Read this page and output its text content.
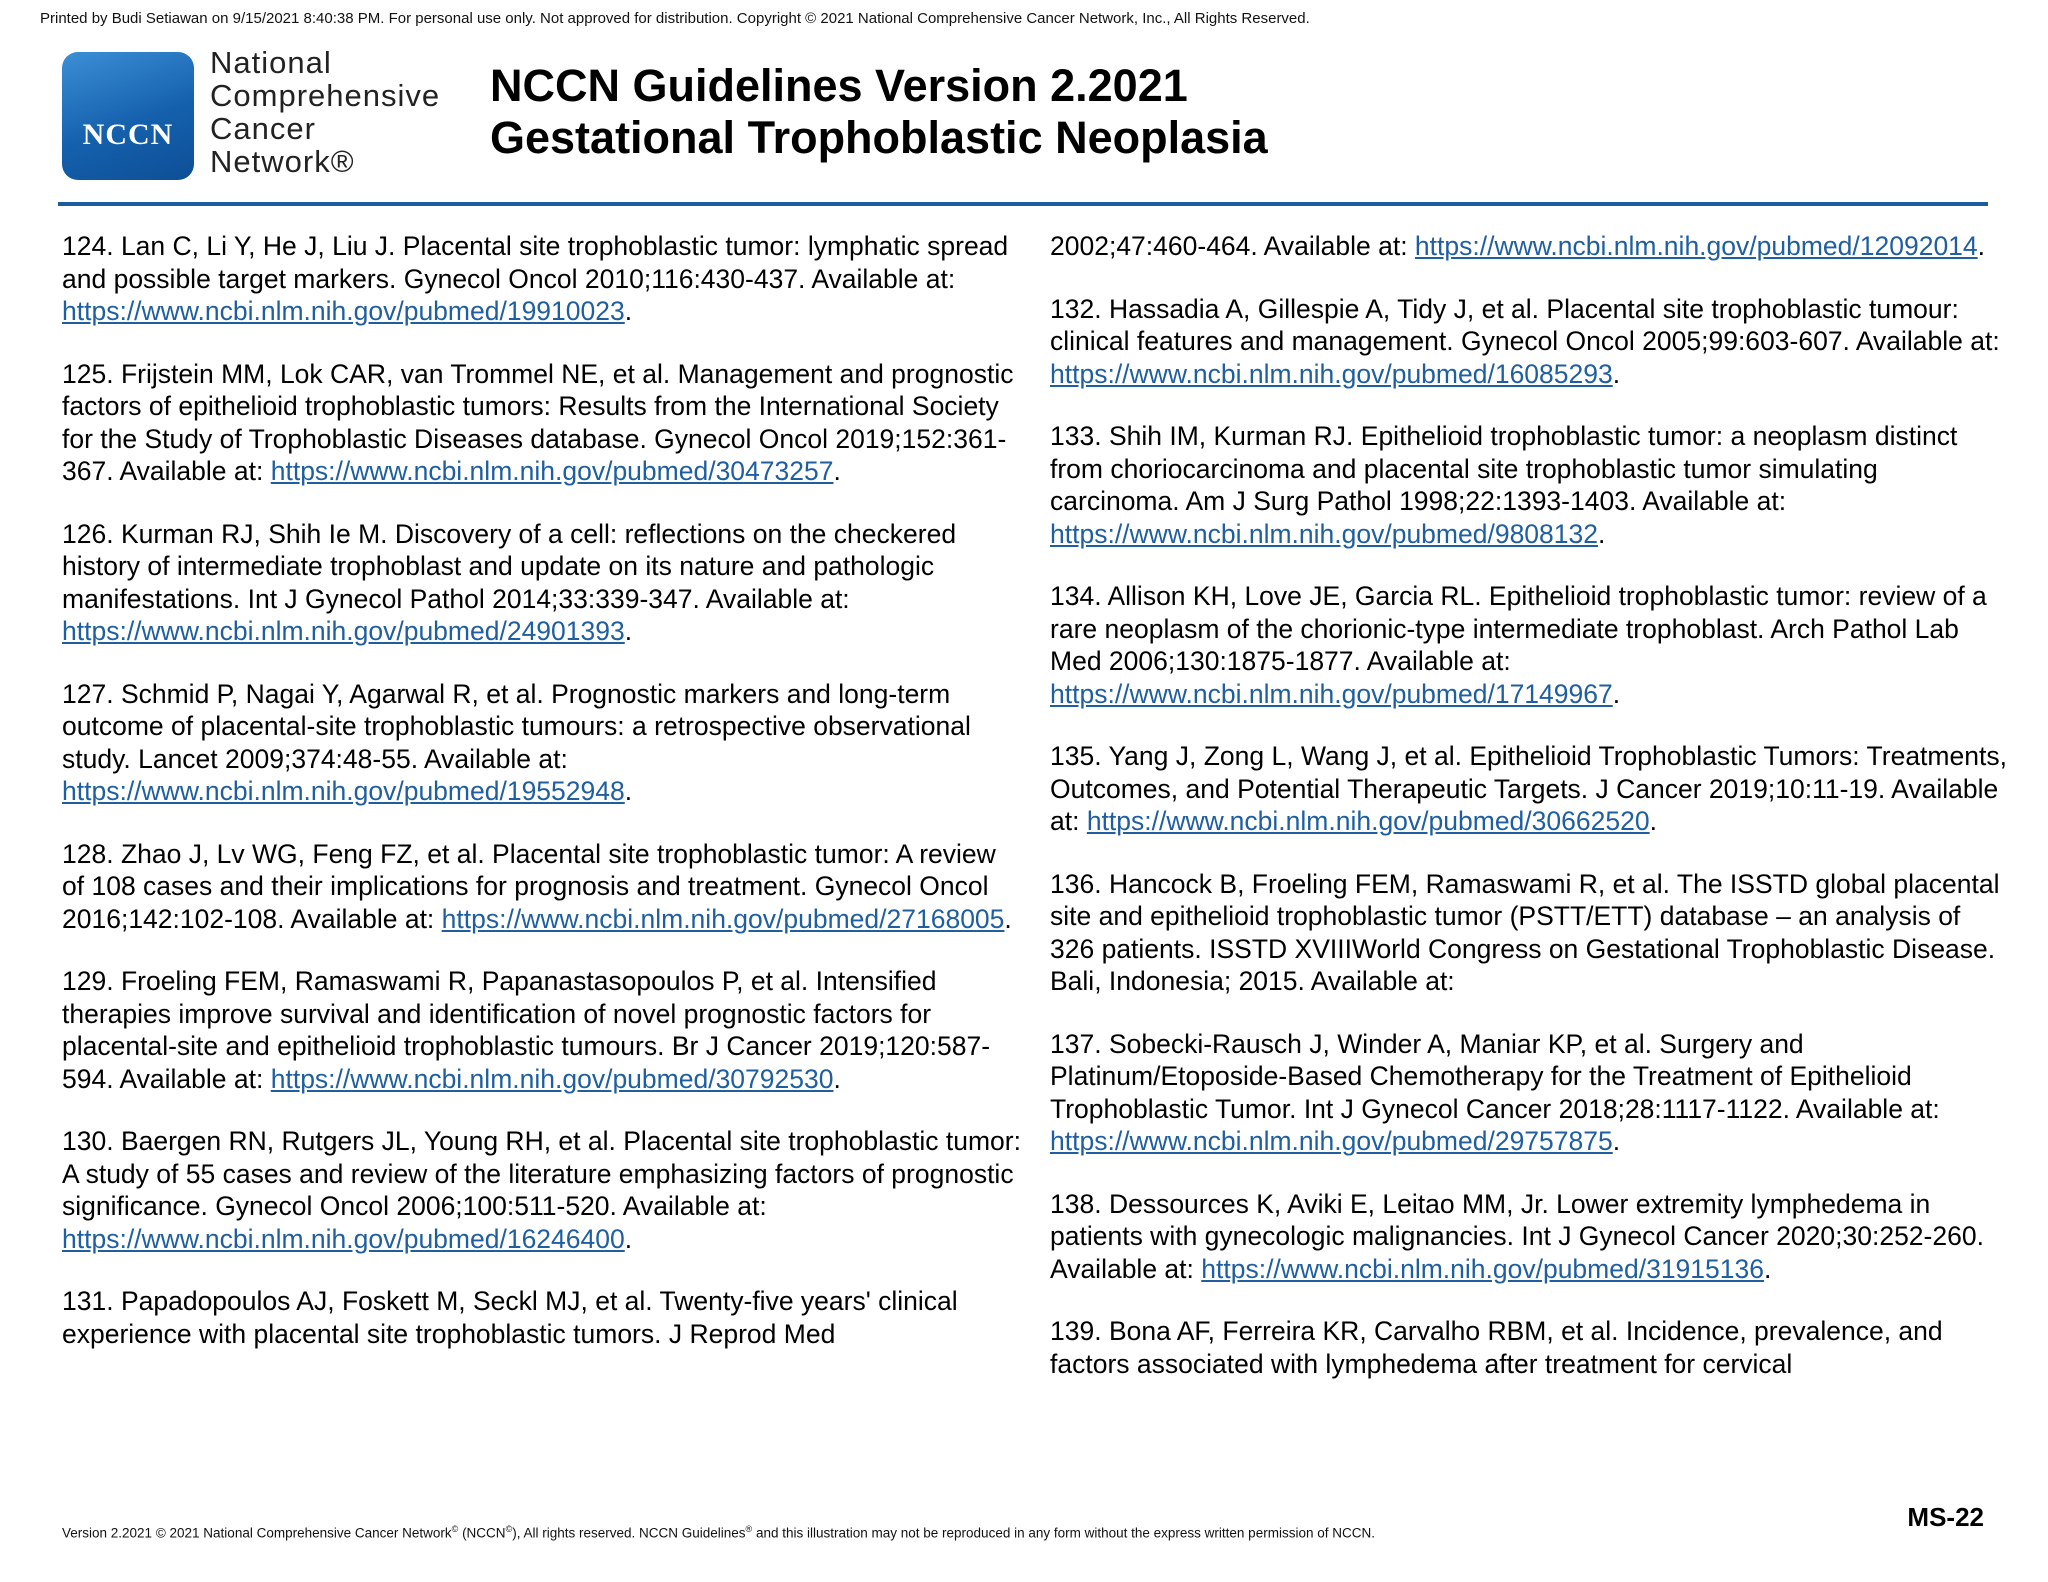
Printed by Budi Setiawan on 9/15/2021 8:40:38 PM. For personal use only. Not approved for distribution. Copyright © 2021 National Comprehensive Cancer Network, Inc., All Rights Reserved.
NCCN
National
Comprehensive
Cancer
Network®
NCCN Guidelines Version 2.2021
Gestational Trophoblastic Neoplasia

124. Lan C, Li Y, He J, Liu J. Placental site trophoblastic tumor: lymphatic spread and possible target markers. Gynecol Oncol 2010;116:430-437. Available at: https://www.ncbi.nlm.nih.gov/pubmed/19910023.

125. Frijstein MM, Lok CAR, van Trommel NE, et al. Management and prognostic factors of epithelioid trophoblastic tumors: Results from the International Society for the Study of Trophoblastic Diseases database. Gynecol Oncol 2019;152:361-367. Available at: https://www.ncbi.nlm.nih.gov/pubmed/30473257.

126. Kurman RJ, Shih Ie M. Discovery of a cell: reflections on the checkered history of intermediate trophoblast and update on its nature and pathologic manifestations. Int J Gynecol Pathol 2014;33:339-347. Available at: https://www.ncbi.nlm.nih.gov/pubmed/24901393.

127. Schmid P, Nagai Y, Agarwal R, et al. Prognostic markers and long-term outcome of placental-site trophoblastic tumours: a retrospective observational study. Lancet 2009;374:48-55. Available at: https://www.ncbi.nlm.nih.gov/pubmed/19552948.

128. Zhao J, Lv WG, Feng FZ, et al. Placental site trophoblastic tumor: A review of 108 cases and their implications for prognosis and treatment. Gynecol Oncol 2016;142:102-108. Available at: https://www.ncbi.nlm.nih.gov/pubmed/27168005.

129. Froeling FEM, Ramaswami R, Papanastasopoulos P, et al. Intensified therapies improve survival and identification of novel prognostic factors for placental-site and epithelioid trophoblastic tumours. Br J Cancer 2019;120:587-594. Available at: https://www.ncbi.nlm.nih.gov/pubmed/30792530.

130. Baergen RN, Rutgers JL, Young RH, et al. Placental site trophoblastic tumor: A study of 55 cases and review of the literature emphasizing factors of prognostic significance. Gynecol Oncol 2006;100:511-520. Available at: https://www.ncbi.nlm.nih.gov/pubmed/16246400.

131. Papadopoulos AJ, Foskett M, Seckl MJ, et al. Twenty-five years' clinical experience with placental site trophoblastic tumors. J Reprod Med

2002;47:460-464. Available at: https://www.ncbi.nlm.nih.gov/pubmed/12092014.

132. Hassadia A, Gillespie A, Tidy J, et al. Placental site trophoblastic tumour: clinical features and management. Gynecol Oncol 2005;99:603-607. Available at: https://www.ncbi.nlm.nih.gov/pubmed/16085293.

133. Shih IM, Kurman RJ. Epithelioid trophoblastic tumor: a neoplasm distinct from choriocarcinoma and placental site trophoblastic tumor simulating carcinoma. Am J Surg Pathol 1998;22:1393-1403. Available at: https://www.ncbi.nlm.nih.gov/pubmed/9808132.

134. Allison KH, Love JE, Garcia RL. Epithelioid trophoblastic tumor: review of a rare neoplasm of the chorionic-type intermediate trophoblast. Arch Pathol Lab Med 2006;130:1875-1877. Available at: https://www.ncbi.nlm.nih.gov/pubmed/17149967.

135. Yang J, Zong L, Wang J, et al. Epithelioid Trophoblastic Tumors: Treatments, Outcomes, and Potential Therapeutic Targets. J Cancer 2019;10:11-19. Available at: https://www.ncbi.nlm.nih.gov/pubmed/30662520.

136. Hancock B, Froeling FEM, Ramaswami R, et al. The ISSTD global placental site and epithelioid trophoblastic tumor (PSTT/ETT) database – an analysis of 326 patients. ISSTD XVIIIWorld Congress on Gestational Trophoblastic Disease. Bali, Indonesia; 2015. Available at:

137. Sobecki-Rausch J, Winder A, Maniar KP, et al. Surgery and Platinum/Etoposide-Based Chemotherapy for the Treatment of Epithelioid Trophoblastic Tumor. Int J Gynecol Cancer 2018;28:1117-1122. Available at: https://www.ncbi.nlm.nih.gov/pubmed/29757875.

138. Dessources K, Aviki E, Leitao MM, Jr. Lower extremity lymphedema in patients with gynecologic malignancies. Int J Gynecol Cancer 2020;30:252-260. Available at: https://www.ncbi.nlm.nih.gov/pubmed/31915136.

139. Bona AF, Ferreira KR, Carvalho RBM, et al. Incidence, prevalence, and factors associated with lymphedema after treatment for cervical

Version 2.2021 © 2021 National Comprehensive Cancer Network© (NCCN©), All rights reserved. NCCN Guidelines® and this illustration may not be reproduced in any form without the express written permission of NCCN.
MS-22
